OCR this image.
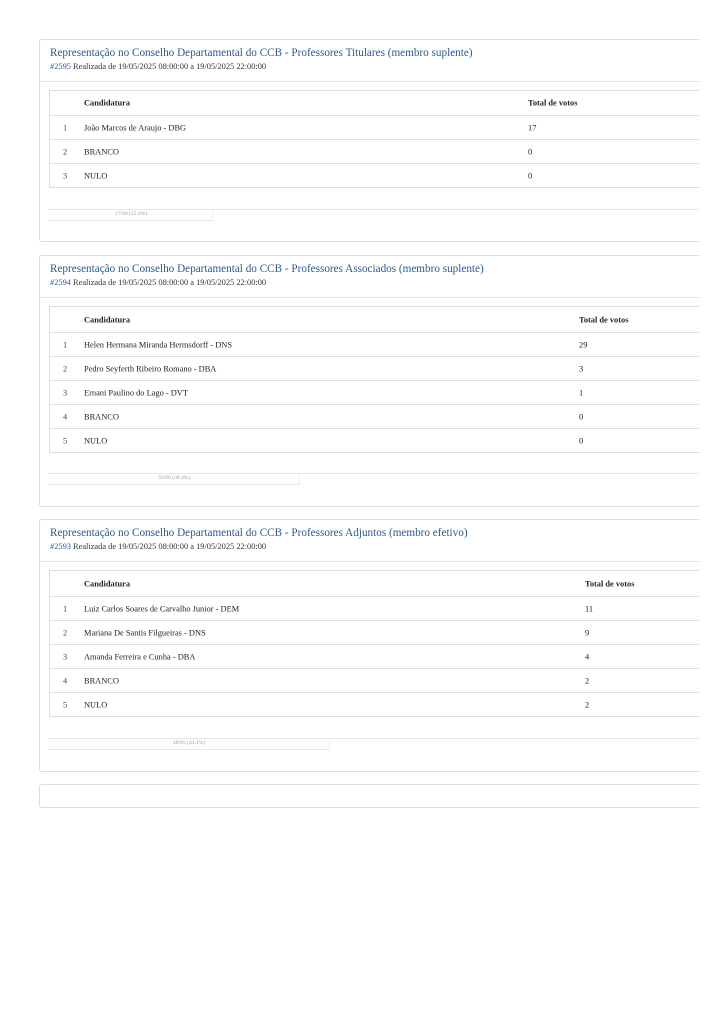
Representação no Conselho Departamental do CCB - Professores Titulares (membro suplente)
#2595 Realizada de 19/05/2025 08:00:00 a 19/05/2025 22:00:00
Candidatura	Total de votos
1 João Marcos de Araujo - DBG	17
2 BRANCO	0
3 NULO	0
17/68 (25.0%)
Representação no Conselho Departamental do CCB - Professores Associados (membro suplente)
#2594 Realizada de 19/05/2025 08:00:00 a 19/05/2025 22:00:00
Candidatura	Total de votos
1 Helen Hermana Miranda Hermsdorff - DNS	29
2 Pedro Seyferth Ribeiro Romano - DBA	3
3 Ernani Paulino do Lago - DVT	1
4 BRANCO	0
5 NULO	0
33/86 (38.4%)
Representação no Conselho Departamental do CCB - Professores Adjuntos (membro efetivo)
#2593 Realizada de 19/05/2025 08:00:00 a 19/05/2025 22:00:00
Candidatura	Total de votos
1 Luiz Carlos Soares de Carvalho Junior - DEM	11
2 Mariana De Santis Filgueiras - DNS	9
3 Amanda Ferreira e Cunha - DBA	4
4 BRANCO	2
5 NULO	2
28/65 (43.1%)
